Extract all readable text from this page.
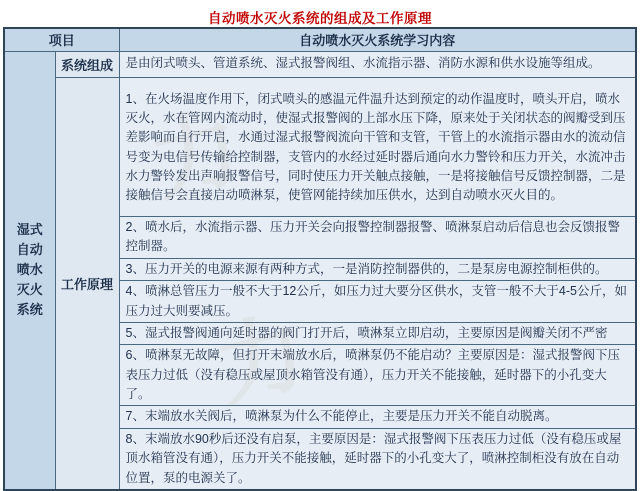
自动喷水灭火系统的组成及工作原理
项目		自动喷水灭火系统学习内容
湿式自动喷水灭火系统	系统组成	是由闭式喷头、管道系统、湿式报警阀组、水流指示器、消防水源和供水设施等组成。
	工作原理	1、在火场温度作用下，闭式喷头的感温元件温升达到预定的动作温度时，喷头开启，喷水灭火，水在管网内流动时，使湿式报警阀的上部水压下降，原来处于关闭状态的阀瓣受到压差影响而自行开启，水通过湿式报警阀流向干管和支管，干管上的水流指示器由水的流动信号变为电信号传输给控制器，支管内的水经过延时器后通向水力警铃和压力开关，水流冲击水力警铃发出声响报警信号，同时使压力开关触点接触，一是将接触信号反馈控制器，二是接触信号会直接启动喷淋泵，使管网能持续加压供水，达到自动喷水灭火目的。
		2、喷水后，水流指示器、压力开关会向报警控制器报警、喷淋泵启动后信息也会反馈报警控制器。
		3、压力开关的电源来源有两种方式，一是消防控制器供的，二是泵房电源控制柜供的。
		4、喷淋总管压力一般不大于12公斤，如压力过大要分区供水，支管一般不大于4-5公斤，如压力过大则要减压。
		5、湿式报警阀通向延时器的阀门打开后，喷淋泵立即启动，主要原因是阀瓣关闭不严密
		6、喷淋泵无故障，但打开末端放水后，喷淋泵仍不能启动？主要原因是：湿式报警阀下压表压力过低（没有稳压或屋顶水箱管没有通），压力开关不能接触，延时器下的小孔变大了。
		7、末端放水关阀后，喷淋泵为什么不能停止，主要是压力开关不能自动脱离。
		8、末端放水90秒后还没有启泵，主要原因是：湿式报警阀下压表压力过低（没有稳压或屋顶水箱管没有通），压力开关不能接触，延时器下的小孔变大了，喷淋控制柜没有放在自动位置，泵的电源关了。
